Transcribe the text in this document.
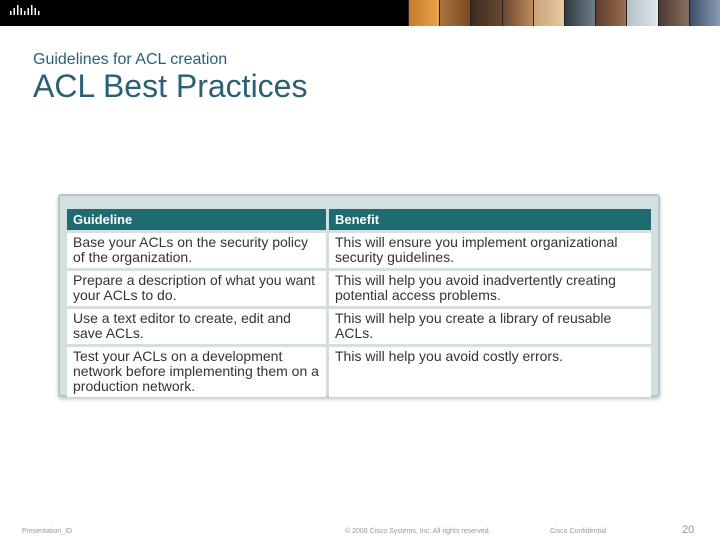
Guidelines for ACL creation
ACL Best Practices
Guideline	Benefit
Base your ACLs on the security policy of the organization.	This will ensure you implement organizational security guidelines.
Prepare a description of what you want your ACLs to do.	This will help you avoid inadvertently creating potential access problems.
Use a text editor to create, edit and save ACLs.	This will help you create a library of reusable ACLs.
Test your ACLs on a development network before implementing them on a production network.	This will help you avoid costly errors.
Presentation_ID	© 2008 Cisco Systems, Inc. All rights reserved.	Cisco Confidential	20
